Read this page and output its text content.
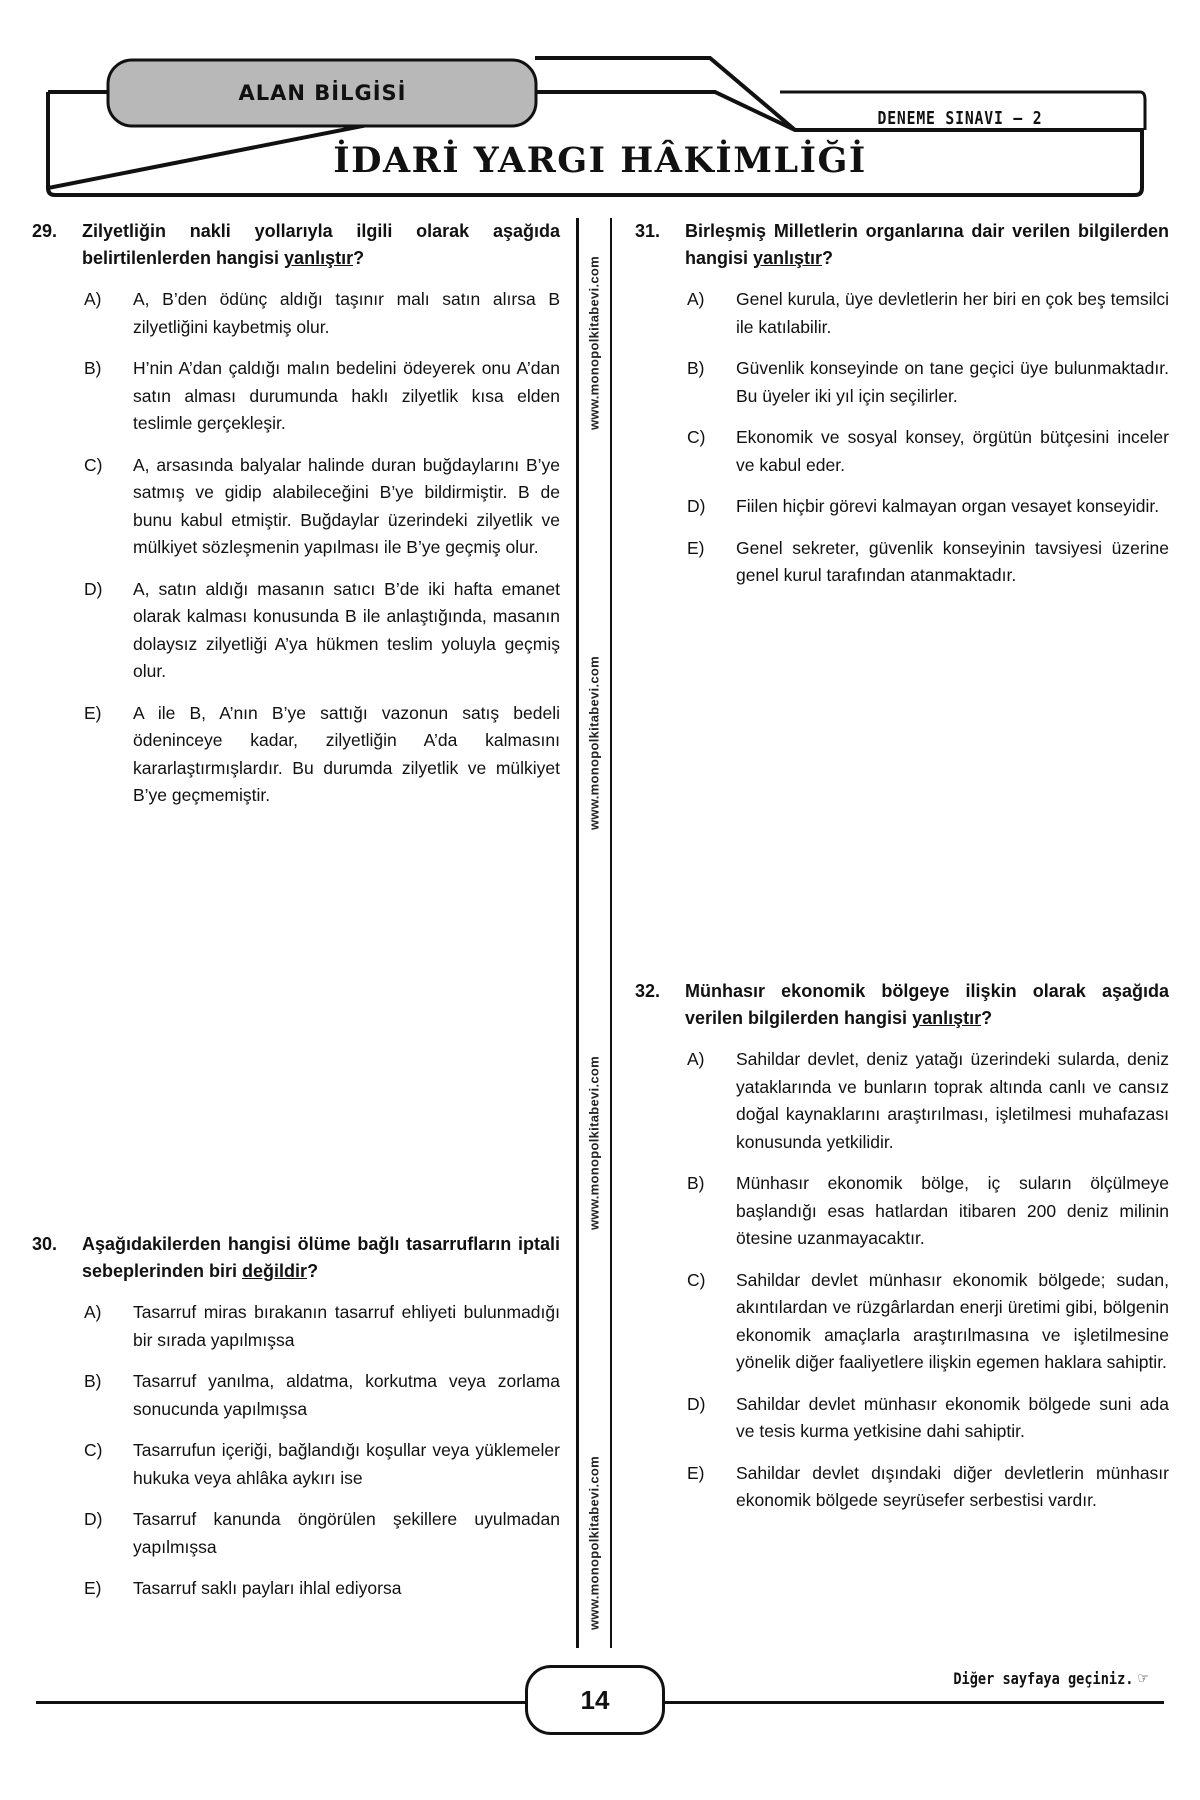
ALAN BİLGİSİ
DENEME SINAVI – 2
İDARİ YARGI HÂKİMLİĞİ
29.	Zilyetliğin nakli yollarıyla ilgili olarak aşağıda belirtilenlerden hangisi yanlıştır?
A)	A, B’den ödünç aldığı taşınır malı satın alırsa B zilyetliğini kaybetmiş olur.
B)	H’nin A’dan çaldığı malın bedelini ödeyerek onu A’dan satın alması durumunda haklı zilyetlik kısa elden teslimle gerçekleşir.
C)	A, arsasında balyalar halinde duran buğdaylarını B’ye satmış ve gidip alabileceğini B’ye bildirmiştir. B de bunu kabul etmiştir. Buğdaylar üzerindeki zilyetlik ve mülkiyet sözleşmenin yapılması ile B’ye geçmiş olur.
D)	A, satın aldığı masanın satıcı B’de iki hafta emanet olarak kalması konusunda B ile anlaştığında, masanın dolaysız zilyetliği A’ya hükmen teslim yoluyla geçmiş olur.
E)	A ile B, A’nın B’ye sattığı vazonun satış bedeli ödeninceye kadar, zilyetliğin A’da kalmasını kararlaştırmışlardır. Bu durumda zilyetlik ve mülkiyet B’ye geçmemiştir.
30.	Aşağıdakilerden hangisi ölüme bağlı tasarrufların iptali sebeplerinden biri değildir?
A)	Tasarruf miras bırakanın tasarruf ehliyeti bulunmadığı bir sırada yapılmışsa
B)	Tasarruf yanılma, aldatma, korkutma veya zorlama sonucunda yapılmışsa
C)	Tasarrufun içeriği, bağlandığı koşullar veya yüklemeler hukuka veya ahlâka aykırı ise
D)	Tasarruf kanunda öngörülen şekillere uyulmadan yapılmışsa
E)	Tasarruf saklı payları ihlal ediyorsa
www.monopolkitabevi.com
www.monopolkitabevi.com
www.monopolkitabevi.com
www.monopolkitabevi.com
31.	Birleşmiş Milletlerin organlarına dair verilen bilgilerden hangisi yanlıştır?
A)	Genel kurula, üye devletlerin her biri en çok beş temsilci ile katılabilir.
B)	Güvenlik konseyinde on tane geçici üye bulunmaktadır. Bu üyeler iki yıl için seçilirler.
C)	Ekonomik ve sosyal konsey, örgütün bütçesini inceler ve kabul eder.
D)	Fiilen hiçbir görevi kalmayan organ vesayet konseyidir.
E)	Genel sekreter, güvenlik konseyinin tavsiyesi üzerine genel kurul tarafından atanmaktadır.
32.	Münhasır ekonomik bölgeye ilişkin olarak aşağıda verilen bilgilerden hangisi yanlıştır?
A)	Sahildar devlet, deniz yatağı üzerindeki sularda, deniz yataklarında ve bunların toprak altında canlı ve cansız doğal kaynaklarını araştırılması, işletilmesi muhafazası konusunda yetkilidir.
B)	Münhasır ekonomik bölge, iç suların ölçülmeye başlandığı esas hatlardan itibaren 200 deniz milinin ötesine uzanmayacaktır.
C)	Sahildar devlet münhasır ekonomik bölgede; sudan, akıntılardan ve rüzgârlardan enerji üretimi gibi, bölgenin ekonomik amaçlarla araştırılmasına ve işletilmesine yönelik diğer faaliyetlere ilişkin egemen haklara sahiptir.
D)	Sahildar devlet münhasır ekonomik bölgede suni ada ve tesis kurma yetkisine dahi sahiptir.
E)	Sahildar devlet dışındaki diğer devletlerin münhasır ekonomik bölgede seyrüsefer serbestisi vardır.
14
Diğer sayfaya geçiniz. ☞
